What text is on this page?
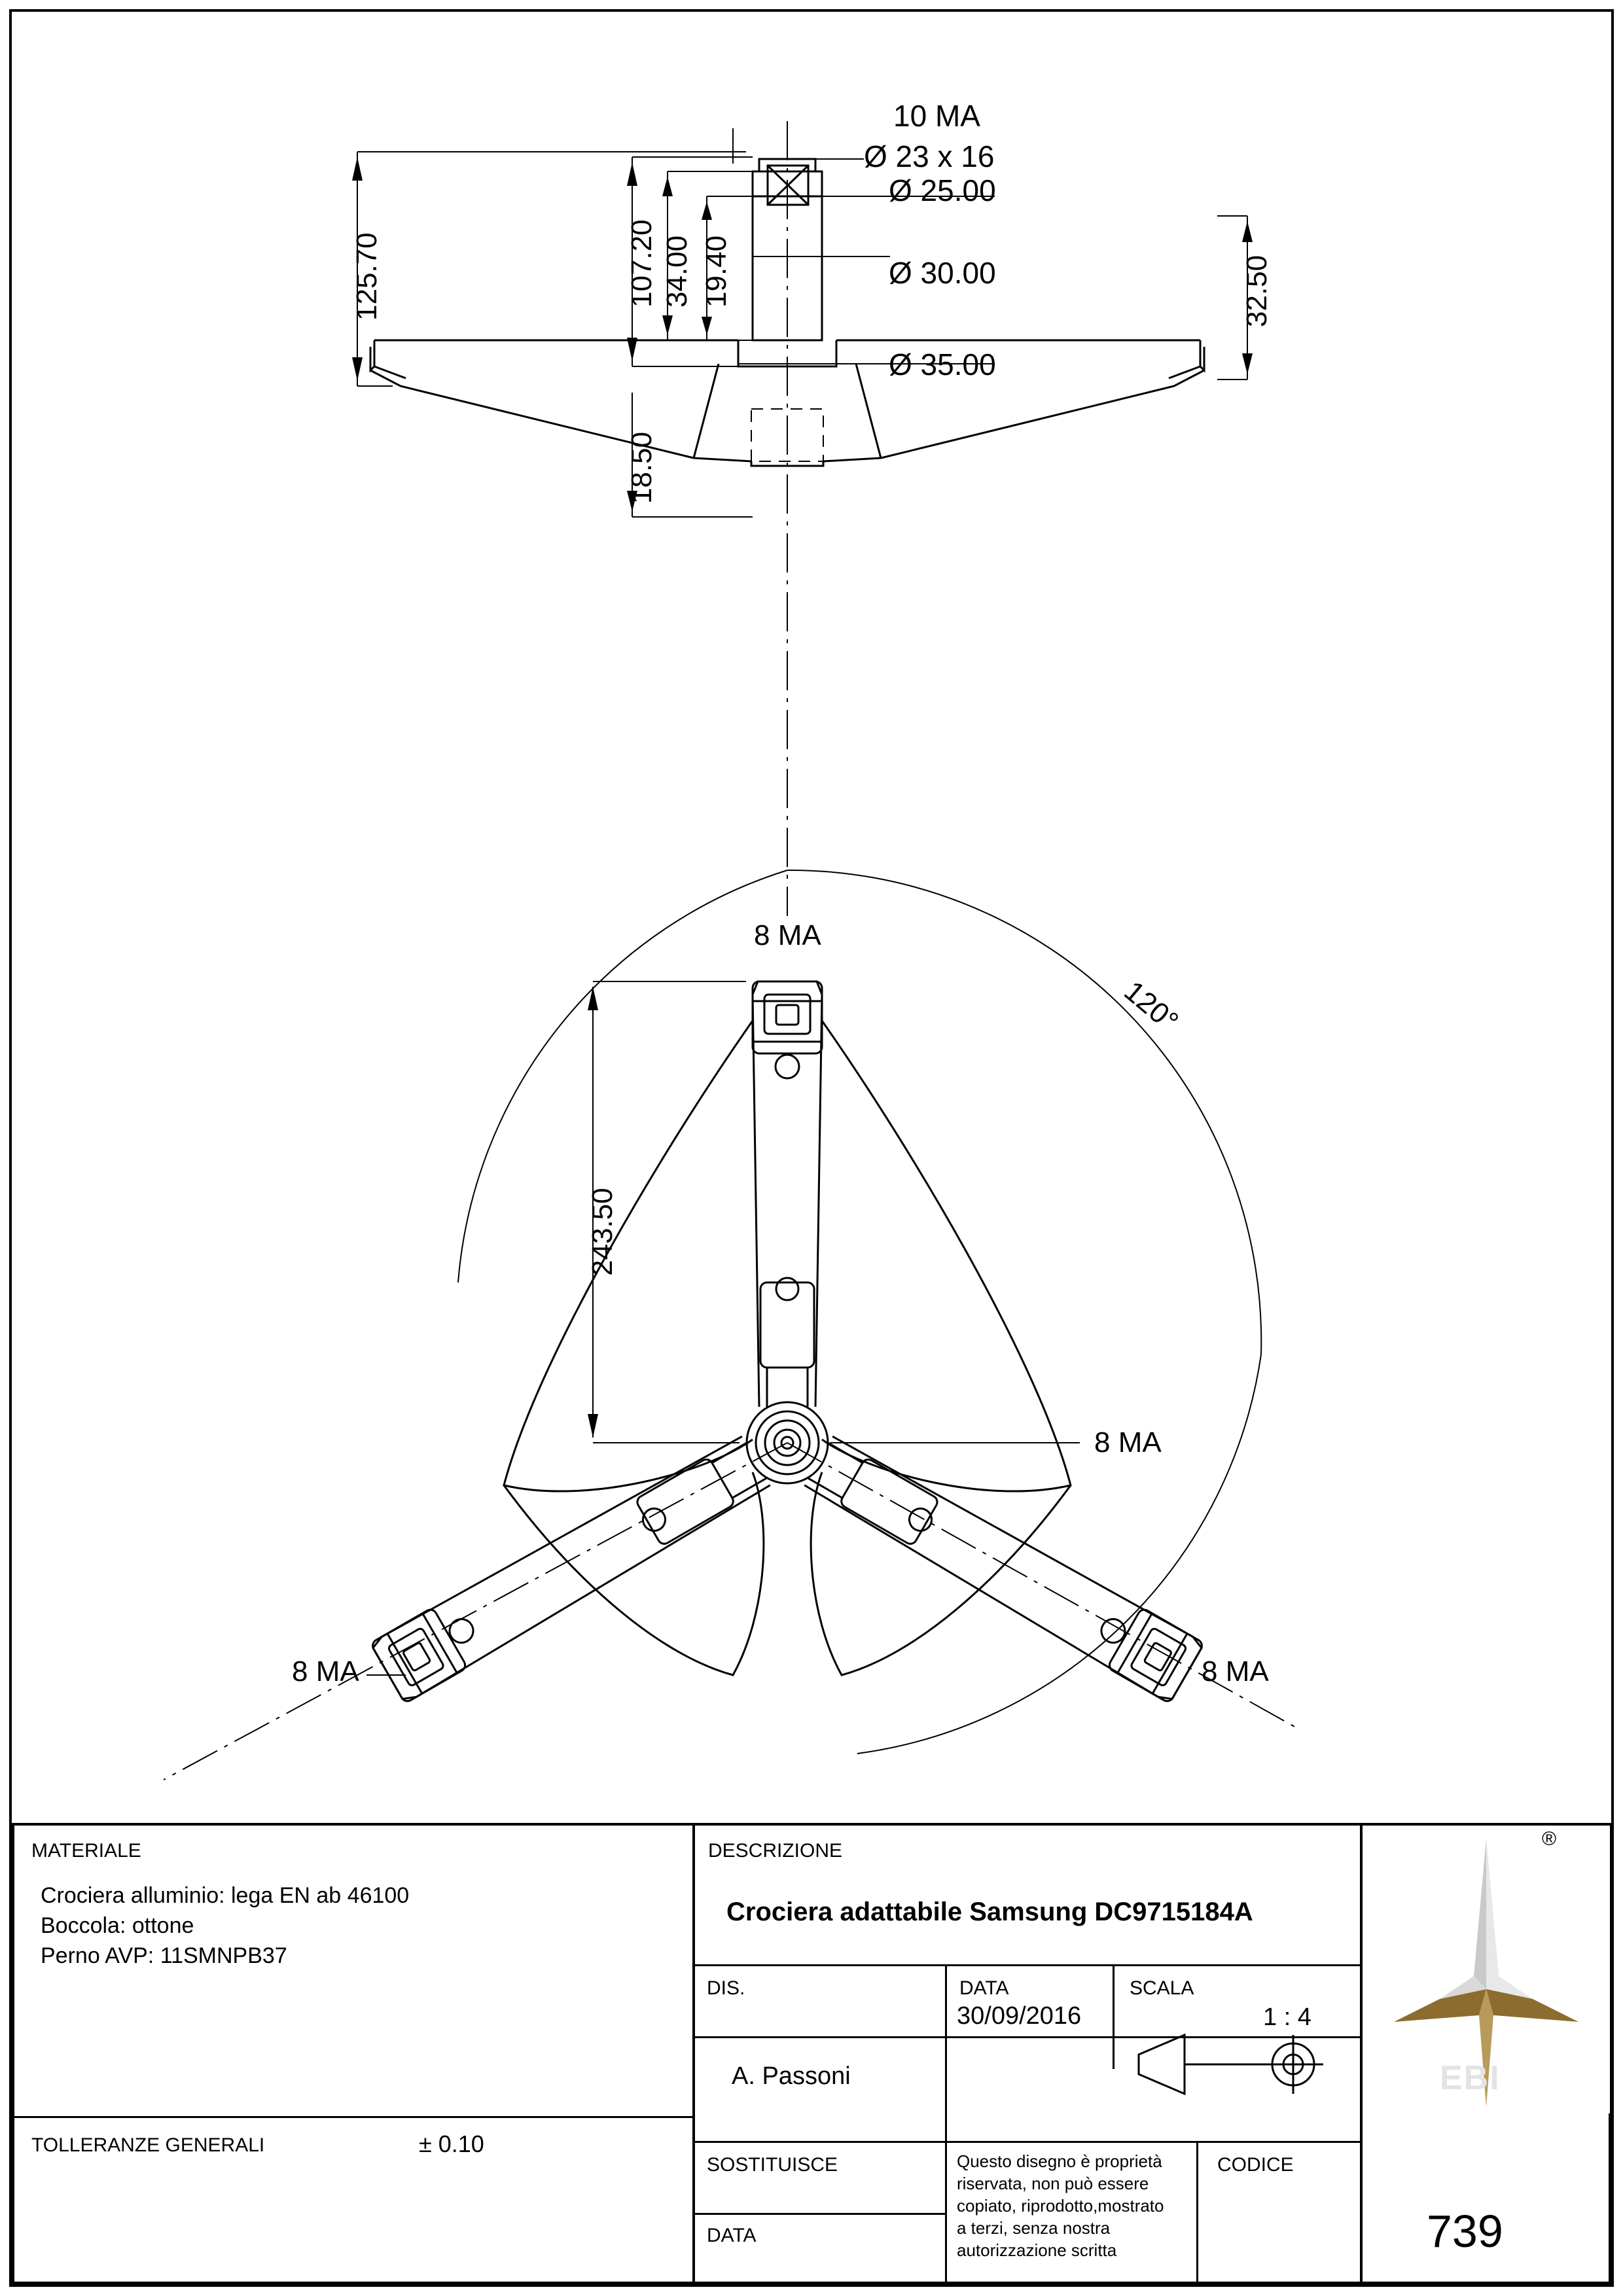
125.70	107.20 34.00 19.40
18.50
32.50
10 MA
Ø 23 x 16
Ø 25.00
Ø 30.00
Ø 35.00
243.50
8 MA
8 MA
8 MA
8 MA
120°
MATERIALE
Crociera alluminio: lega EN ab 46100
Boccola: ottone
Perno AVP: 11SMNPB37
TOLLERANZE GENERALI	± 0.10
DESCRIZIONE
Crociera adattabile Samsung DC9715184A
DIS.
A. Passoni
DATA
30/09/2016
SCALA
1 : 4
SOSTITUISCE
DATA
Questo disegno è proprietà
riservata, non può essere
copiato, riprodotto,mostrato
a terzi, senza nostra
autorizzazione scritta
CODICE
739
®
EBI
